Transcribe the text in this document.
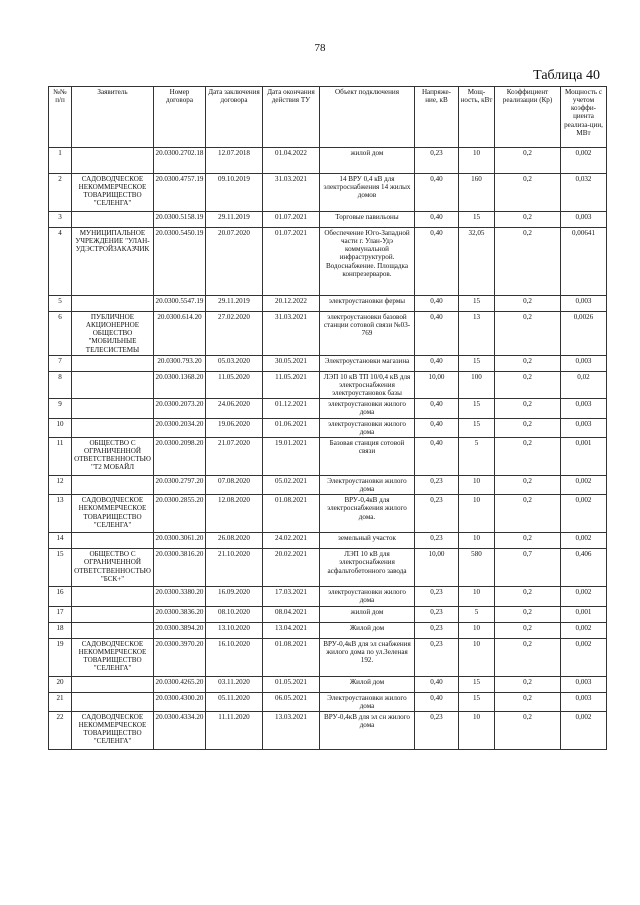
78
Таблица 40
№№ п/п	Заявитель	Номер договора	Дата заключения договора	Дата окончания действия ТУ	Объект подключения	Напряже-ние, кВ	Мощ-ность, кВт	Коэффициент реализации (Кр)	Мощность с учетом коэффи-циента реализа-ции, МВт
1		20.0300.2702.18	12.07.2018	01.04.2022	жилой дом	0,23	10	0,2	0,002
2	САДОВОДЧЕСКОЕ НЕКОММЕРЧЕСКОЕ ТОВАРИЩЕСТВО "СЕЛЕНГА"	20.0300.4757.19	09.10.2019	31.03.2021	14 ВРУ 0,4 кВ для электроснабжения 14 жилых домов	0,40	160	0,2	0,032
3		20.0300.5158.19	29.11.2019	01.07.2021	Торговые павильоны	0,40	15	0,2	0,003
4	МУНИЦИПАЛЬНОЕ УЧРЕЖДЕНИЕ "УЛАН-УДЭСТРОЙЗАКАЗЧИК	20.0300.5450.19	20.07.2020	01.07.2021	Обеспечение Юго-Западной части г. Улан-Удэ коммунальной инфраструктурой. Водоснабжение. Площадка конпрезерваров.	0,40	32,05	0,2	0,00641
5		20.0300.5547.19	29.11.2019	20.12.2022	электроустановки фермы	0,40	15	0,2	0,003
6	ПУБЛИЧНОЕ АКЦИОНЕРНОЕ ОБЩЕСТВО "МОБИЛЬНЫЕ ТЕЛЕСИСТЕМЫ	20.0300.614.20	27.02.2020	31.03.2021	электроустановки базовой станции сотовой связи №03-769	0,40	13	0,2	0,0026
7		20.0300.793.20	05.03.2020	30.05.2021	Электроустановки магазина	0,40	15	0,2	0,003
8		20.0300.1368.20	11.05.2020	11.05.2021	ЛЭП 10 кВ ТП 10/0,4 кВ для электроснабжения электроустановок базы	10,00	100	0,2	0,02
9		20.0300.2073.20	24.06.2020	01.12.2021	электроустановки жилого дома	0,40	15	0,2	0,003
10		20.0300.2034.20	19.06.2020	01.06.2021	электроустановки жилого дома	0,40	15	0,2	0,003
11	ОБЩЕСТВО С ОГРАНИЧЕННОЙ ОТВЕТСТВЕННОСТЬЮ "Т2 МОБАЙЛ	20.0300.2098.20	21.07.2020	19.01.2021	Базовая станция сотовой связи	0,40	5	0,2	0,001
12		20.0300.2797.20	07.08.2020	05.02.2021	Электроустановки жилого дома	0,23	10	0,2	0,002
13	САДОВОДЧЕСКОЕ НЕКОММЕРЧЕСКОЕ ТОВАРИЩЕСТВО "СЕЛЕНГА"	20.0300.2855.20	12.08.2020	01.08.2021	ВРУ-0,4кВ для электроснабжения жилого дома.	0,23	10	0,2	0,002
14		20.0300.3061.20	26.08.2020	24.02.2021	земельный участок	0,23	10	0,2	0,002
15	ОБЩЕСТВО С ОГРАНИЧЕННОЙ ОТВЕТСТВЕННОСТЬЮ "БСК+"	20.0300.3816.20	21.10.2020	20.02.2021	ЛЭП 10 кВ для электроснабжения асфальтобетонного завода	10,00	580	0,7	0,406
16		20.0300.3380.20	16.09.2020	17.03.2021	электроустановки жилого дома	0,23	10	0,2	0,002
17		20.0300.3836.20	08.10.2020	08.04.2021	жилой дом	0,23	5	0,2	0,001
18		20.0300.3894.20	13.10.2020	13.04.2021	Жилой дом	0,23	10	0,2	0,002
19	САДОВОДЧЕСКОЕ НЕКОММЕРЧЕСКОЕ ТОВАРИЩЕСТВО "СЕЛЕНГА"	20.0300.3970.20	16.10.2020	01.08.2021	ВРУ-0,4кВ для эл снабжения жилого дома по ул.Зеленая 192.	0,23	10	0,2	0,002
20		20.0300.4265.20	03.11.2020	01.05.2021	Жилой дом	0,40	15	0,2	0,003
21		20.0300.4300.20	05.11.2020	06.05.2021	Электроустановки жилого дома	0,40	15	0,2	0,003
22	САДОВОДЧЕСКОЕ НЕКОММЕРЧЕСКОЕ ТОВАРИЩЕСТВО "СЕЛЕНГА"	20.0300.4334.20	11.11.2020	13.03.2021	ВРУ-0,4кВ для эл сн жилого дома	0,23	10	0,2	0,002
